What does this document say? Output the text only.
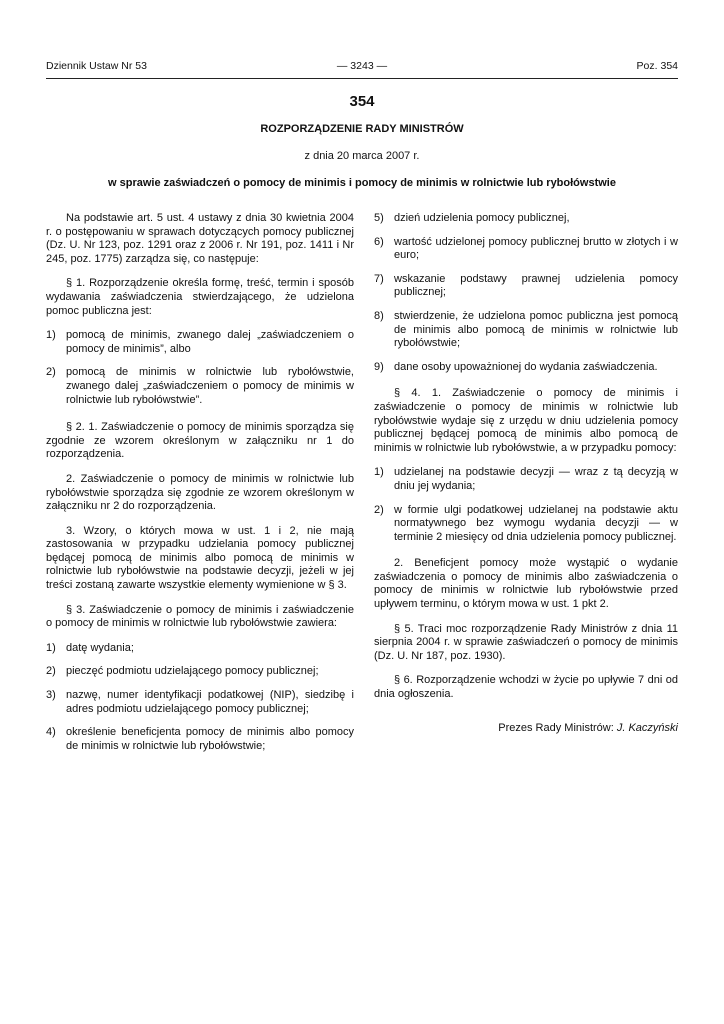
Dziennik Ustaw Nr 53	— 3243 —	Poz. 354
354
ROZPORZĄDZENIE RADY MINISTRÓW
z dnia 20 marca 2007 r.
w sprawie zaświadczeń o pomocy de minimis i pomocy de minimis w rolnictwie lub rybołówstwie

Na podstawie art. 5 ust. 4 ustawy z dnia 30 kwietnia 2004 r. o postępowaniu w sprawach dotyczących pomocy publicznej (Dz. U. Nr 123, poz. 1291 oraz z 2006 r. Nr 191, poz. 1411 i Nr 245, poz. 1775) zarządza się, co następuje:

§ 1. Rozporządzenie określa formę, treść, termin i sposób wydawania zaświadczenia stwierdzającego, że udzielona pomoc publiczna jest:

1) pomocą de minimis, zwanego dalej „zaświadczeniem o pomocy de minimis”, albo
2) pomocą de minimis w rolnictwie lub rybołówstwie, zwanego dalej „zaświadczeniem o pomocy de minimis w rolnictwie lub rybołówstwie”.

§ 2. 1. Zaświadczenie o pomocy de minimis sporządza się zgodnie ze wzorem określonym w załączniku nr 1 do rozporządzenia.

2. Zaświadczenie o pomocy de minimis w rolnictwie lub rybołówstwie sporządza się zgodnie ze wzorem określonym w załączniku nr 2 do rozporządzenia.

3. Wzory, o których mowa w ust. 1 i 2, nie mają zastosowania w przypadku udzielania pomocy publicznej będącej pomocą de minimis albo pomocą de minimis w rolnictwie lub rybołówstwie na podstawie decyzji, jeżeli w jej treści zostaną zawarte wszystkie elementy wymienione w § 3.

§ 3. Zaświadczenie o pomocy de minimis i zaświadczenie o pomocy de minimis w rolnictwie lub rybołówstwie zawiera:

1) datę wydania;
2) pieczęć podmiotu udzielającego pomocy publicznej;
3) nazwę, numer identyfikacji podatkowej (NIP), siedzibę i adres podmiotu udzielającego pomocy publicznej;
4) określenie beneficjenta pomocy de minimis albo pomocy de minimis w rolnictwie lub rybołówstwie;
5) dzień udzielenia pomocy publicznej,
6) wartość udzielonej pomocy publicznej brutto w złotych i w euro;
7) wskazanie podstawy prawnej udzielenia pomocy publicznej;
8) stwierdzenie, że udzielona pomoc publiczna jest pomocą de minimis albo pomocą de minimis w rolnictwie lub rybołówstwie;
9) dane osoby upoważnionej do wydania zaświadczenia.

§ 4. 1. Zaświadczenie o pomocy de minimis i zaświadczenie o pomocy de minimis w rolnictwie lub rybołówstwie wydaje się z urzędu w dniu udzielenia pomocy publicznej będącej pomocą de minimis albo pomocą de minimis w rolnictwie lub rybołówstwie, a w przypadku pomocy:

1) udzielanej na podstawie decyzji — wraz z tą decyzją w dniu jej wydania;
2) w formie ulgi podatkowej udzielanej na podstawie aktu normatywnego bez wymogu wydania decyzji — w terminie 2 miesięcy od dnia udzielenia pomocy publicznej.

2. Beneficjent pomocy może wystąpić o wydanie zaświadczenia o pomocy de minimis albo zaświadczenia o pomocy de minimis w rolnictwie lub rybołówstwie przed upływem terminu, o którym mowa w ust. 1 pkt 2.

§ 5. Traci moc rozporządzenie Rady Ministrów z dnia 11 sierpnia 2004 r. w sprawie zaświadczeń o pomocy de minimis (Dz. U. Nr 187, poz. 1930).

§ 6. Rozporządzenie wchodzi w życie po upływie 7 dni od dnia ogłoszenia.

Prezes Rady Ministrów: J. Kaczyński
